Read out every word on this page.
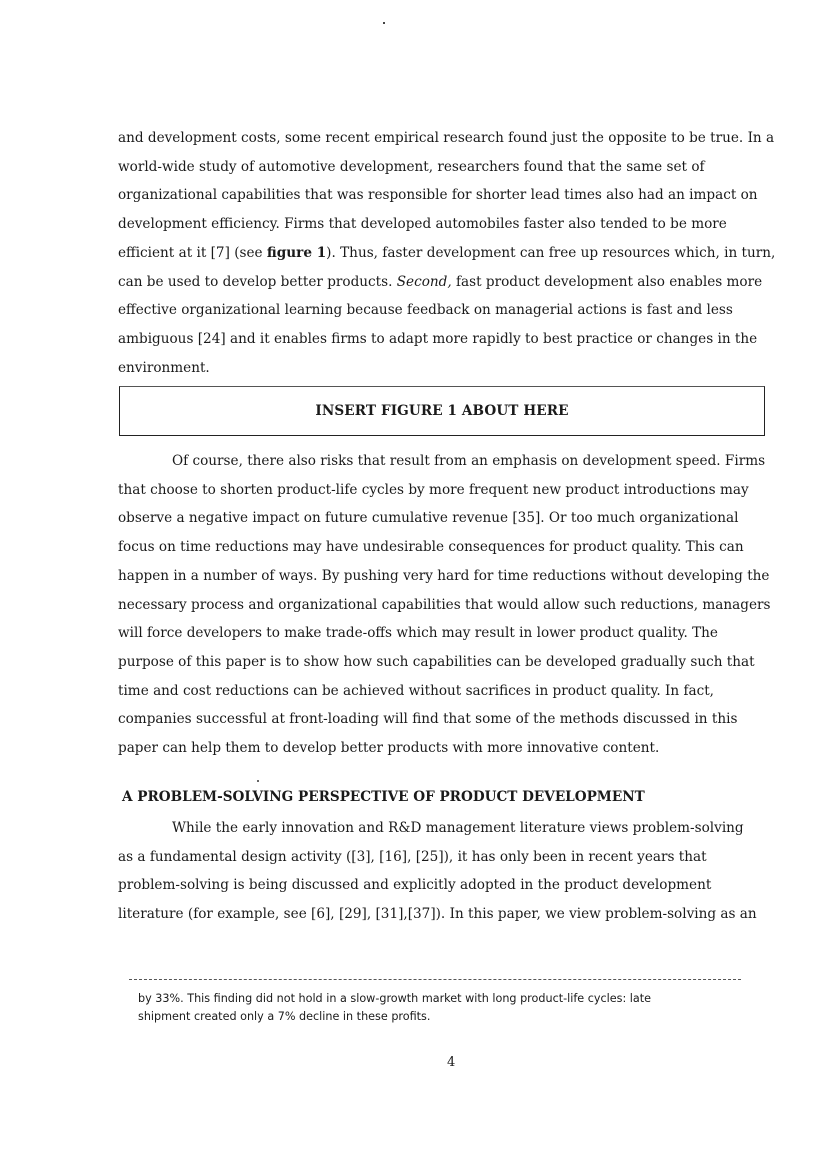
and development costs, some recent empirical research found just the opposite to be true. In a
world-wide study of automotive development, researchers found that the same set of
organizational capabilities that was responsible for shorter lead times also had an impact on
development efficiency. Firms that developed automobiles faster also tended to be more
efficient at it [7] (see figure 1). Thus, faster development can free up resources which, in turn,
can be used to develop better products. Second, fast product development also enables more
effective organizational learning because feedback on managerial actions is fast and less
ambiguous [24] and it enables firms to adapt more rapidly to best practice or changes in the
environment.

INSERT FIGURE 1 ABOUT HERE

Of course, there also risks that result from an emphasis on development speed. Firms
that choose to shorten product-life cycles by more frequent new product introductions may
observe a negative impact on future cumulative revenue [35]. Or too much organizational
focus on time reductions may have undesirable consequences for product quality. This can
happen in a number of ways. By pushing very hard for time reductions without developing the
necessary process and organizational capabilities that would allow such reductions, managers
will force developers to make trade-offs which may result in lower product quality. The
purpose of this paper is to show how such capabilities can be developed gradually such that
time and cost reductions can be achieved without sacrifices in product quality. In fact,
companies successful at front-loading will find that some of the methods discussed in this
paper can help them to develop better products with more innovative content.

A PROBLEM-SOLVING PERSPECTIVE OF PRODUCT DEVELOPMENT

While the early innovation and R&D management literature views problem-solving
as a fundamental design activity ([3], [16], [25]), it has only been in recent years that
problem-solving is being discussed and explicitly adopted in the product development
literature (for example, see [6], [29], [31],[37]). In this paper, we view problem-solving as an

by 33%. This finding did not hold in a slow-growth market with long product-life cycles: late
shipment created only a 7% decline in these profits.

4
